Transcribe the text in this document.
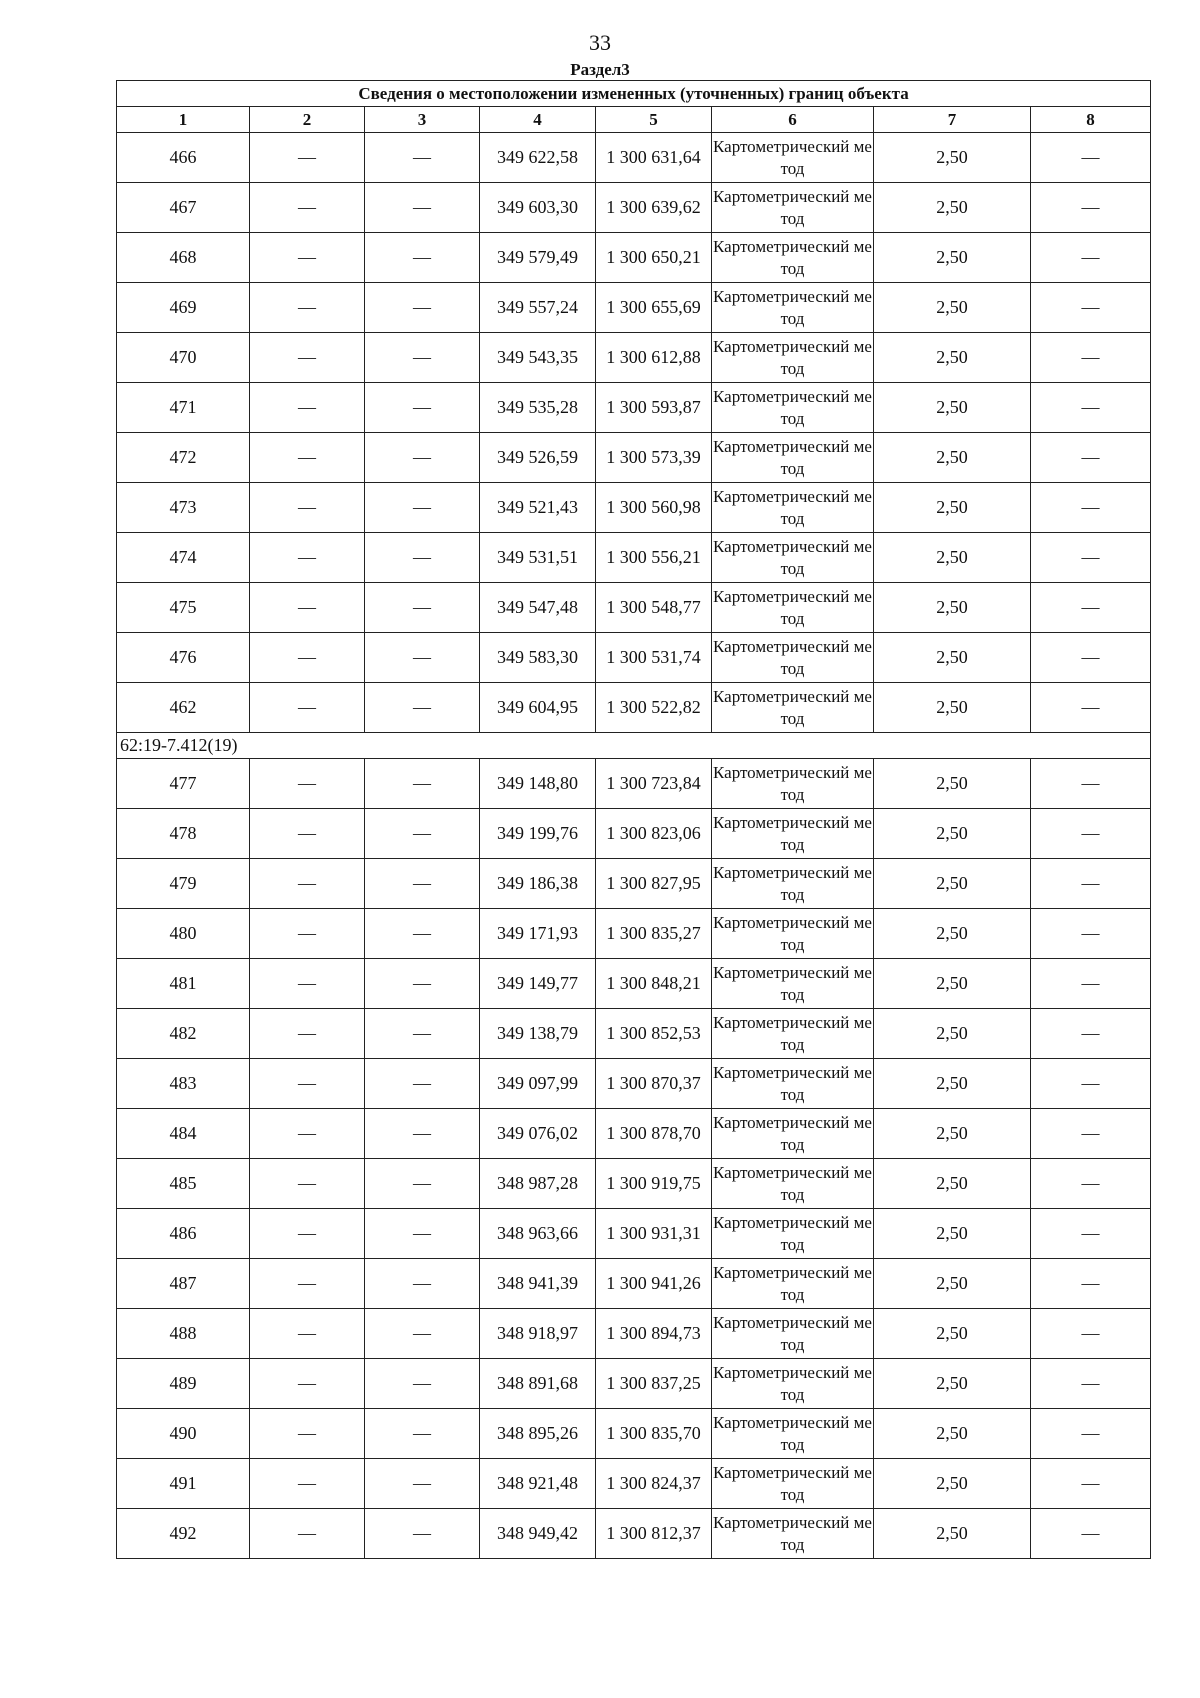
33
Раздел3
Сведения о местоположении измененных (уточненных) границ объекта							
1	2	3	4	5	6	7	8
466	—	—	349 622,58	1 300 631,64	Картометрический метод	2,50	—
467	—	—	349 603,30	1 300 639,62	Картометрический метод	2,50	—
468	—	—	349 579,49	1 300 650,21	Картометрический метод	2,50	—
469	—	—	349 557,24	1 300 655,69	Картометрический метод	2,50	—
470	—	—	349 543,35	1 300 612,88	Картометрический метод	2,50	—
471	—	—	349 535,28	1 300 593,87	Картометрический метод	2,50	—
472	—	—	349 526,59	1 300 573,39	Картометрический метод	2,50	—
473	—	—	349 521,43	1 300 560,98	Картометрический метод	2,50	—
474	—	—	349 531,51	1 300 556,21	Картометрический метод	2,50	—
475	—	—	349 547,48	1 300 548,77	Картометрический метод	2,50	—
476	—	—	349 583,30	1 300 531,74	Картометрический метод	2,50	—
462	—	—	349 604,95	1 300 522,82	Картометрический метод	2,50	—
62:19-7.412(19)							
477	—	—	349 148,80	1 300 723,84	Картометрический метод	2,50	—
478	—	—	349 199,76	1 300 823,06	Картометрический метод	2,50	—
479	—	—	349 186,38	1 300 827,95	Картометрический метод	2,50	—
480	—	—	349 171,93	1 300 835,27	Картометрический метод	2,50	—
481	—	—	349 149,77	1 300 848,21	Картометрический метод	2,50	—
482	—	—	349 138,79	1 300 852,53	Картометрический метод	2,50	—
483	—	—	349 097,99	1 300 870,37	Картометрический метод	2,50	—
484	—	—	349 076,02	1 300 878,70	Картометрический метод	2,50	—
485	—	—	348 987,28	1 300 919,75	Картометрический метод	2,50	—
486	—	—	348 963,66	1 300 931,31	Картометрический метод	2,50	—
487	—	—	348 941,39	1 300 941,26	Картометрический метод	2,50	—
488	—	—	348 918,97	1 300 894,73	Картометрический метод	2,50	—
489	—	—	348 891,68	1 300 837,25	Картометрический метод	2,50	—
490	—	—	348 895,26	1 300 835,70	Картометрический метод	2,50	—
491	—	—	348 921,48	1 300 824,37	Картометрический метод	2,50	—
492	—	—	348 949,42	1 300 812,37	Картометрический метод	2,50	—
